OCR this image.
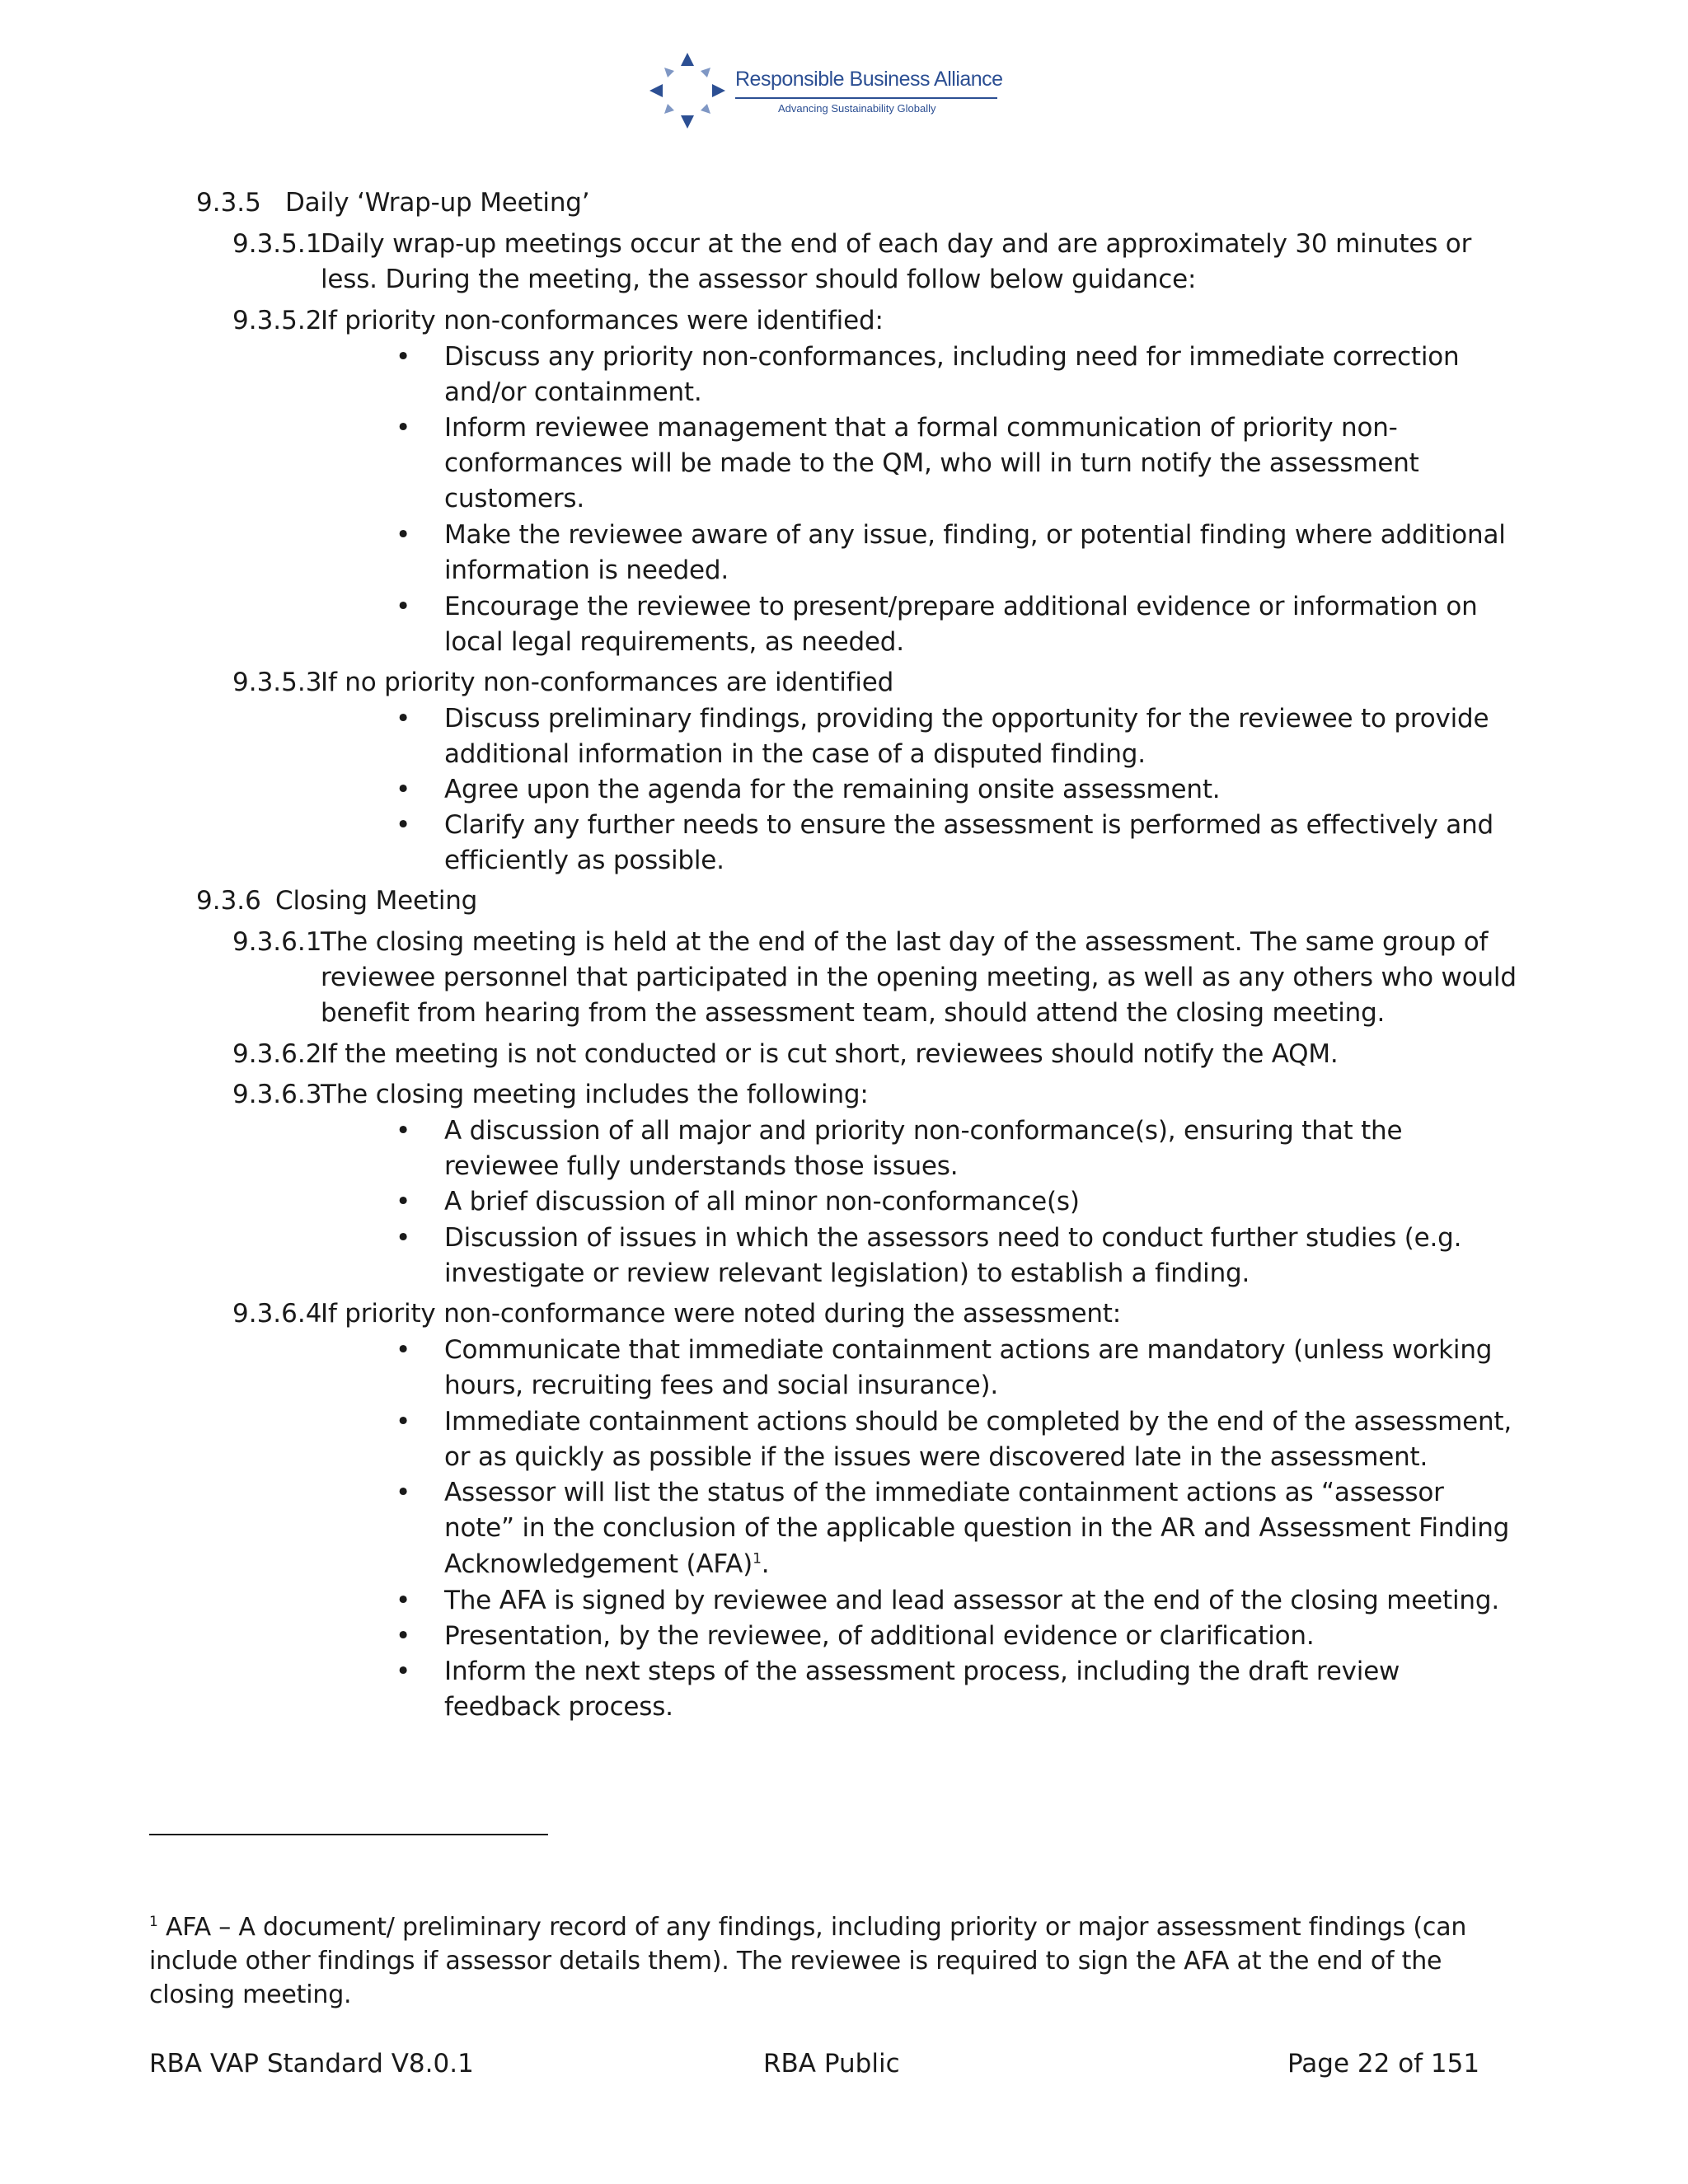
Responsible Business Alliance
Advancing Sustainability Globally
9.3.5 Daily ‘Wrap-up Meeting’
9.3.5.1
Daily wrap-up meetings occur at the end of each day and are approximately 30 minutes or
less. During the meeting, the assessor should follow below guidance:
9.3.5.2
If priority non-conformances were identified:
• Discuss any priority non-conformances, including need for immediate correction
and/or containment.
• Inform reviewee management that a formal communication of priority non-
conformances will be made to the QM, who will in turn notify the assessment
customers.
• Make the reviewee aware of any issue, finding, or potential finding where additional
information is needed.
• Encourage the reviewee to present/prepare additional evidence or information on
local legal requirements, as needed.
9.3.5.3
If no priority non-conformances are identified
• Discuss preliminary findings, providing the opportunity for the reviewee to provide
additional information in the case of a disputed finding.
• Agree upon the agenda for the remaining onsite assessment.
• Clarify any further needs to ensure the assessment is performed as effectively and
efficiently as possible.
9.3.6 Closing Meeting
9.3.6.1
The closing meeting is held at the end of the last day of the assessment. The same group of
reviewee personnel that participated in the opening meeting, as well as any others who would
benefit from hearing from the assessment team, should attend the closing meeting.
9.3.6.2
If the meeting is not conducted or is cut short, reviewees should notify the AQM.
9.3.6.3
The closing meeting includes the following:
• A discussion of all major and priority non-conformance(s), ensuring that the
reviewee fully understands those issues.
• A brief discussion of all minor non-conformance(s)
• Discussion of issues in which the assessors need to conduct further studies (e.g.
investigate or review relevant legislation) to establish a finding.
9.3.6.4
If priority non-conformance were noted during the assessment:
• Communicate that immediate containment actions are mandatory (unless working
hours, recruiting fees and social insurance).
• Immediate containment actions should be completed by the end of the assessment,
or as quickly as possible if the issues were discovered late in the assessment.
• Assessor will list the status of the immediate containment actions as “assessor
note” in the conclusion of the applicable question in the AR and Assessment Finding
Acknowledgement (AFA)$^1$.
• The AFA is signed by reviewee and lead assessor at the end of the closing meeting.
• Presentation, by the reviewee, of additional evidence or clarification.
• Inform the next steps of the assessment process, including the draft review
feedback process.
$^1$ AFA – A document/ preliminary record of any findings, including priority or major assessment findings (can
include other findings if assessor details them). The reviewee is required to sign the AFA at the end of the
closing meeting.
RBA VAP Standard V8.0.1	RBA Public	Page 22 of 151
